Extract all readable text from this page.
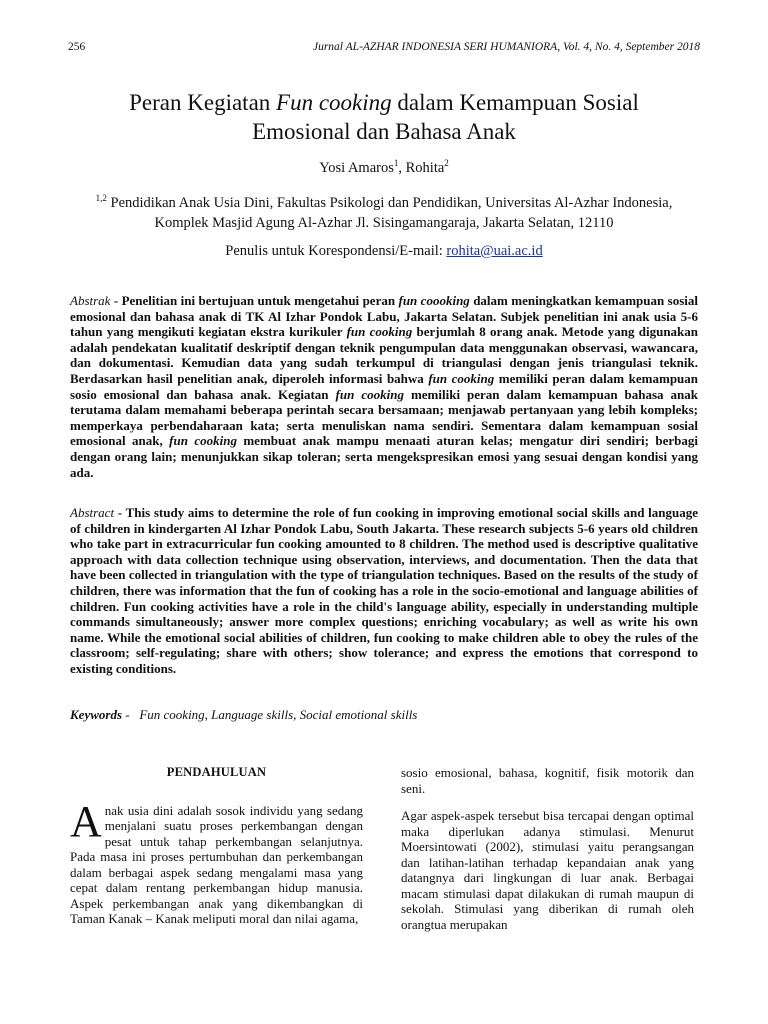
256	Jurnal AL-AZHAR INDONESIA SERI HUMANIORA, Vol. 4, No. 4, September 2018
Peran Kegiatan Fun cooking dalam Kemampuan Sosial
Emosional dan Bahasa Anak
Yosi Amaros$^1$, Rohita$^2$
$^{1,2}$ Pendidikan Anak Usia Dini, Fakultas Psikologi dan Pendidikan, Universitas Al-Azhar Indonesia,
Komplek Masjid Agung Al-Azhar Jl. Sisingamangaraja, Jakarta Selatan, 12110
Penulis untuk Korespondensi/E-mail: rohita@uai.ac.id

Abstrak - Penelitian ini bertujuan untuk mengetahui peran fun coooking dalam meningkatkan kemampuan sosial emosional dan bahasa anak di TK Al Izhar Pondok Labu, Jakarta Selatan. Subjek penelitian ini anak usia 5-6 tahun yang mengikuti kegiatan ekstra kurikuler fun cooking berjumlah 8 orang anak. Metode yang digunakan adalah pendekatan kualitatif deskriptif dengan teknik pengumpulan data menggunakan observasi, wawancara, dan dokumentasi. Kemudian data yang sudah terkumpul di triangulasi dengan jenis triangulasi teknik. Berdasarkan hasil penelitian anak, diperoleh informasi bahwa fun cooking memiliki peran dalam kemampuan sosio emosional dan bahasa anak. Kegiatan fun cooking memiliki peran dalam kemampuan bahasa anak terutama dalam memahami beberapa perintah secara bersamaan; menjawab pertanyaan yang lebih kompleks; memperkaya perbendaharaan kata; serta menuliskan nama sendiri. Sementara dalam kemampuan sosial emosional anak, fun cooking membuat anak mampu menaati aturan kelas; mengatur diri sendiri; berbagi dengan orang lain; menunjukkan sikap toleran; serta mengekspresikan emosi yang sesuai dengan kondisi yang ada.

Abstract - This study aims to determine the role of fun cooking in improving emotional social skills and language of children in kindergarten Al Izhar Pondok Labu, South Jakarta. These research subjects 5-6 years old children who take part in extracurricular fun cooking amounted to 8 children. The method used is descriptive qualitative approach with data collection technique using observation, interviews, and documentation. Then the data that have been collected in triangulation with the type of triangulation techniques. Based on the results of the study of children, there was information that the fun of cooking has a role in the socio-emotional and language abilities of children. Fun cooking activities have a role in the child's language ability, especially in understanding multiple commands simultaneously; answer more complex questions; enriching vocabulary; as well as write his own name. While the emotional social abilities of children, fun cooking to make children able to obey the rules of the classroom; self-regulating; share with others; show tolerance; and express the emotions that correspond to existing conditions.

Keywords -   Fun cooking, Language skills, Social emotional skills
PENDAHULUAN

Anak usia dini adalah sosok individu yang sedang menjalani suatu proses perkembangan dengan pesat untuk tahap perkembangan selanjutnya. Pada masa ini proses pertumbuhan dan perkembangan dalam berbagai aspek sedang mengalami masa yang cepat dalam rentang perkembangan hidup manusia. Aspek perkembangan anak yang dikembangkan di Taman Kanak – Kanak meliputi moral dan nilai agama,

sosio emosional, bahasa, kognitif, fisik motorik dan seni.

Agar aspek-aspek tersebut bisa tercapai dengan optimal maka diperlukan adanya stimulasi. Menurut Moersintowati (2002), stimulasi yaitu perangsangan dan latihan-latihan terhadap kepandaian anak yang datangnya dari lingkungan di luar anak. Berbagai macam stimulasi dapat dilakukan di rumah maupun di sekolah. Stimulasi yang diberikan di rumah oleh orangtua merupakan
